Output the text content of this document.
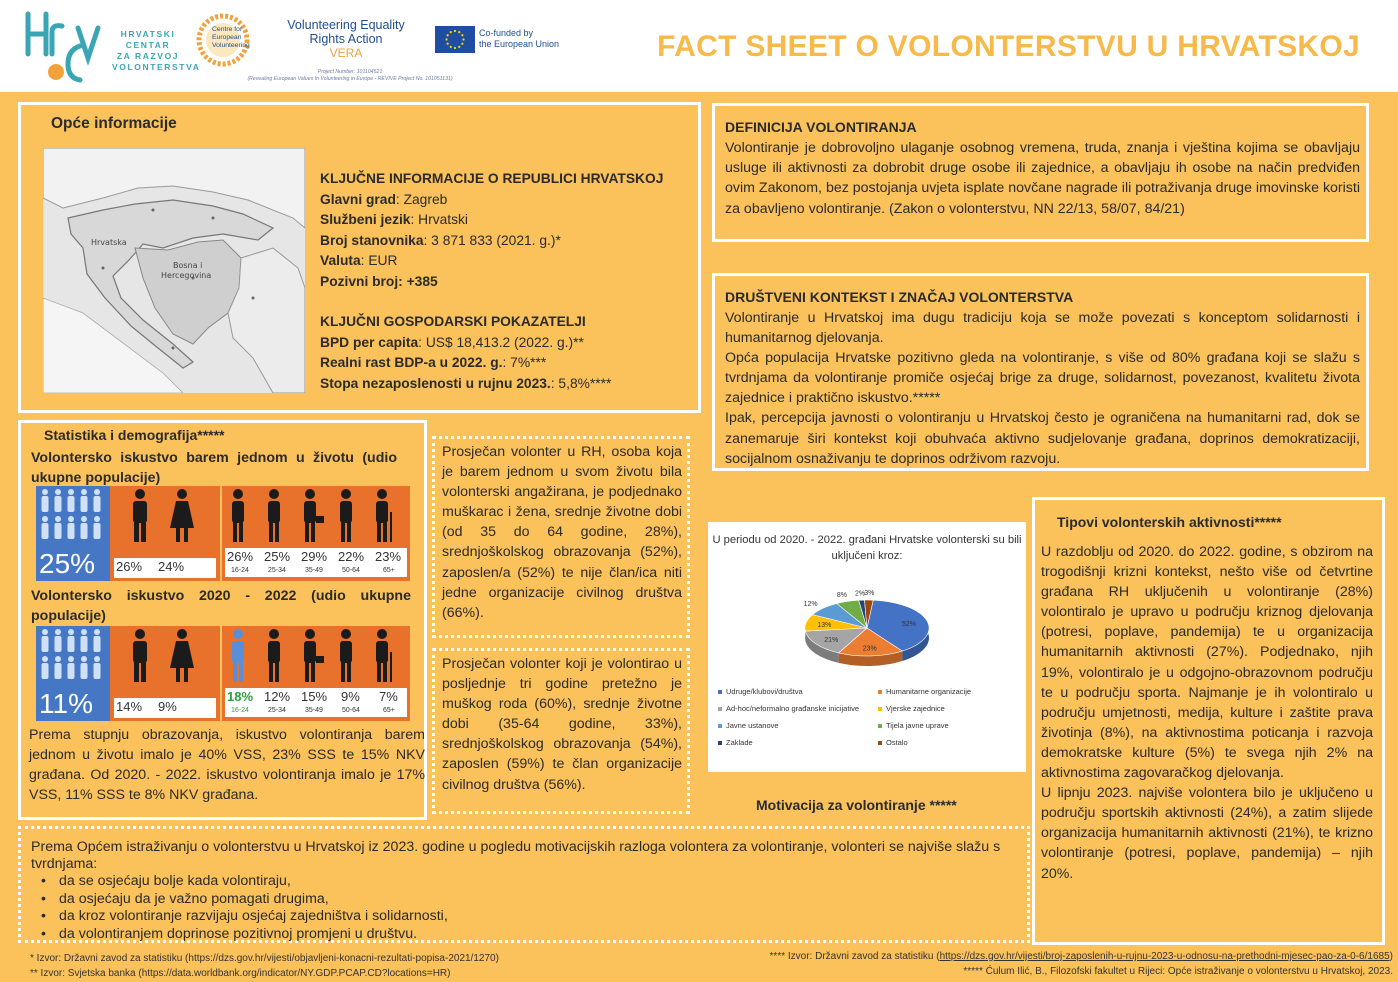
HRVATSKI
CENTAR
ZA RAZVOJ
VOLONTERSTVA
Centre for
European
Volunteering
Volunteering Equality
Rights Action
VERA
Project Number: 101104521
(Revealing European Values In Volunteering in Europe - REVIVE Project No. 101051131)
Co-funded by
the European Union	FACT SHEET O VOLONTERSTVU U HRVATSKOJ
Opće informacije
Hrvatska
Bosna i
Hercegovina
KLJUČNE INFORMACIJE O REPUBLICI HRVATSKOJ
Glavni grad: Zagreb
Službeni jezik: Hrvatski
Broj stanovnika: 3 871 833 (2021. g.)*
Valuta: EUR
Pozivni broj: +385
KLJUČNI GOSPODARSKI POKAZATELJI
BPD per capita: US$ 18,413.2 (2022. g.)**
Realni rast BDP-a u 2022. g.: 7%***
Stopa nezaposlenosti u rujnu 2023.: 5,8%****
DEFINICIJA VOLONTIRANJA
Volontiranje je dobrovoljno ulaganje osobnog vremena, truda, znanja i vještina kojima se obavljaju usluge ili aktivnosti za dobrobit druge osobe ili zajednice, a obavljaju ih osobe na način predviđen ovim Zakonom, bez postojanja uvjeta isplate novčane nagrade ili potraživanja druge imovinske koristi za obavljeno volontiranje. (Zakon o volonterstvu, NN 22/13, 58/07, 84/21)
DRUŠTVENI KONTEKST I ZNAČAJ VOLONTERSTVA
Volontiranje u Hrvatskoj ima dugu tradiciju koja se može povezati s konceptom solidarnosti i humanitarnog djelovanja.
Opća populacija Hrvatske pozitivno gleda na volontiranje, s više od 80% građana koji se slažu s tvrdnjama da volontiranje promiče osjećaj brige za druge, solidarnost, povezanost, kvalitetu života zajednice i praktično iskustvo.*****
Ipak, percepcija javnosti o volontiranju u Hrvatskoj često je ograničena na humanitarni rad, dok se zanemaruje širi kontekst koji obuhvaća aktivno sudjelovanje građana, doprinos demokratizaciji, socijalnom osnaživanju te doprinos održivom razvoju.
Statistika i demografija*****
Volontersko iskustvo barem jednom u životu (udio ukupne populacije)
25% 26% 24%
26% 25% 29% 22% 23%
16-24	25-34	35-49	50-64	65+
Volontersko iskustvo 2020 - 2022 (udio ukupne populacije)
11% 14% 9%
18% 12% 15% 9% 7%
16-24	25-34	35-49	50-64	65+
Prema stupnju obrazovanja, iskustvo volontiranja barem jednom u životu imalo je 40% VSS, 23% SSS te 15% NKV građana. Od 2020. - 2022. iskustvo volontiranja imalo je 17% VSS, 11% SSS te 8% NKV građana.
Prosječan volonter u RH, osoba koja je barem jednom u svom životu bila volonterski angažirana, je podjednako muškarac i žena, srednje životne dobi (od 35 do 64 godine, 28%), srednjoškolskog obrazovanja (52%), zaposlen/a (52%) te nije član/ica niti jedne organizacije civilnog društva (66%).
Prosječan volonter koji je volontirao u posljednje tri godine pretežno je muškog roda (60%), srednje životne dobi (35-64 godine, 33%), srednjoškolskog obrazovanja (54%), zaposlen (59%) te član organizacije civilnog društva (56%).
U periodu od 2020. - 2022. građani Hrvatske volonterski su bili uključeni kroz:
52%
23%
21%
13%
12%
8% 2% 3%
Udruge/klubovi/društva	Humanitarne organizacije
Ad-hoc/neformalno građanske inicijative	Vjerske zajednice
Javne ustanove	Tijela javne uprave
Zaklade	Ostalo
Motivacija za volontiranje *****
Tipovi volonterskih aktivnosti*****
U razdoblju od 2020. do 2022. godine, s obzirom na trogodišnji krizni kontekst, nešto više od četvrtine građana RH uključenih u volontiranje (28%) volontiralo je upravo u području kriznog djelovanja (potresi, poplave, pandemija) te u organizacija humanitarnih aktivnosti (27%). Podjednako, njih 19%, volontiralo je u odgojno-obrazovnom području te u području sporta. Najmanje je ih volontiralo u području umjetnosti, medija, kulture i zaštite prava životinja (8%), na aktivnostima poticanja i razvoja demokratske kulture (5%) te svega njih 2% na aktivnostima zagovaračkog djelovanja.
U lipnju 2023. najviše volontera bilo je uključeno u području sportskih aktivnosti (24%), a zatim slijede organizacija humanitarnih aktivnosti (21%), te krizno volontiranje (potresi, poplave, pandemija) – njih 20%.
Prema Općem istraživanju o volonterstvu u Hrvatskoj iz 2023. godine u pogledu motivacijskih razloga volontera za volontiranje, volonteri se najviše slažu s tvrdnjama:
• da se osjećaju bolje kada volontiraju,
• da osjećaju da je važno pomagati drugima,
• da kroz volontiranje razvijaju osjećaj zajedništva i solidarnosti,
• da volontiranjem doprinose pozitivnoj promjeni u društvu.
* Izvor: Državni zavod za statistiku (https://dzs.gov.hr/vijesti/objavljeni-konacni-rezultati-popisa-2021/1270)
** Izvor: Svjetska banka (https://data.worldbank.org/indicator/NY.GDP.PCAP.CD?locations=HR)
**** Izvor: Državni zavod za statistiku (https://dzs.gov.hr/vijesti/broj-zaposlenih-u-rujnu-2023-u-odnosu-na-prethodni-mjesec-pao-za-0-6/1685)
***** Ćulum Ilić, B., Filozofski fakultet u Rijeci: Opće istraživanje o volonterstvu u Hrvatskoj, 2023.
